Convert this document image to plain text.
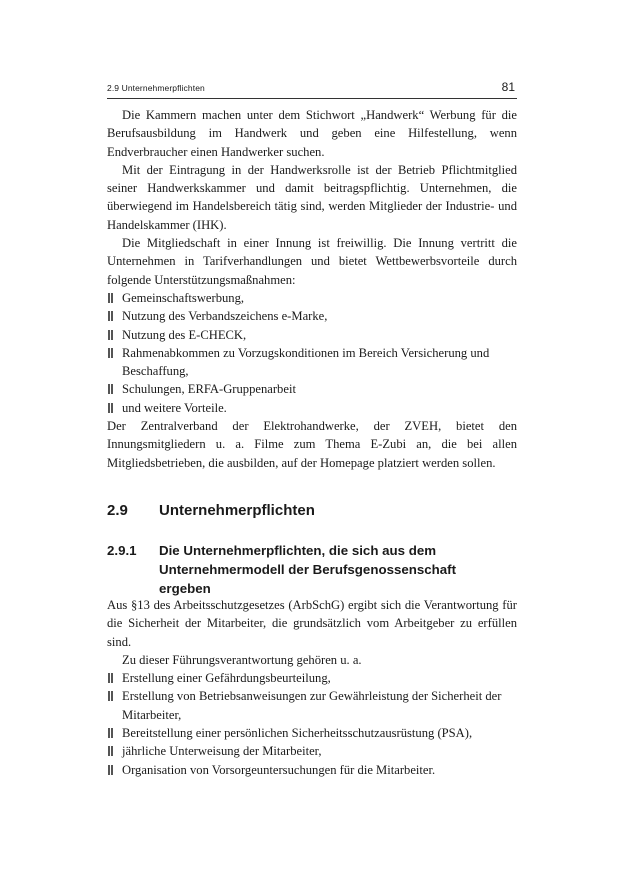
2.9 Unternehmerpflichten	81

Die Kammern machen unter dem Stichwort „Handwerk“ Werbung für die Berufsausbildung im Handwerk und geben eine Hilfestellung, wenn Endverbraucher einen Handwerker suchen.

Mit der Eintragung in der Handwerksrolle ist der Betrieb Pflichtmitglied seiner Handwerkskammer und damit beitragspflichtig. Unternehmen, die überwiegend im Handelsbereich tätig sind, werden Mitglieder der Industrie- und Handelskammer (IHK).

Die Mitgliedschaft in einer Innung ist freiwillig. Die Innung vertritt die Unternehmen in Tarifverhandlungen und bietet Wettbewerbsvorteile durch folgende Unterstützungsmaßnahmen:

Gemeinschaftswerbung,
Nutzung des Verbandszeichens e-Marke,
Nutzung des E-CHECK,
Rahmenabkommen zu Vorzugskonditionen im Bereich Versicherung und Beschaffung,
Schulungen, ERFA-Gruppenarbeit
und weitere Vorteile.

Der Zentralverband der Elektrohandwerke, der ZVEH, bietet den Innungsmitgliedern u. a. Filme zum Thema E-Zubi an, die bei allen Mitgliedsbetrieben, die ausbilden, auf der Homepage platziert werden sollen.

2.9 Unternehmerpflichten
2.9.1 Die Unternehmerpflichten, die sich aus dem Unternehmermodell der Berufsgenossenschaft ergeben

Aus §13 des Arbeitsschutzgesetzes (ArbSchG) ergibt sich die Verantwortung für die Sicherheit der Mitarbeiter, die grundsätzlich vom Arbeitgeber zu erfüllen sind.

Zu dieser Führungsverantwortung gehören u. a.

Erstellung einer Gefährdungsbeurteilung,
Erstellung von Betriebsanweisungen zur Gewährleistung der Sicherheit der Mitarbeiter,
Bereitstellung einer persönlichen Sicherheitsschutzausrüstung (PSA),
jährliche Unterweisung der Mitarbeiter,
Organisation von Vorsorgeuntersuchungen für die Mitarbeiter.
